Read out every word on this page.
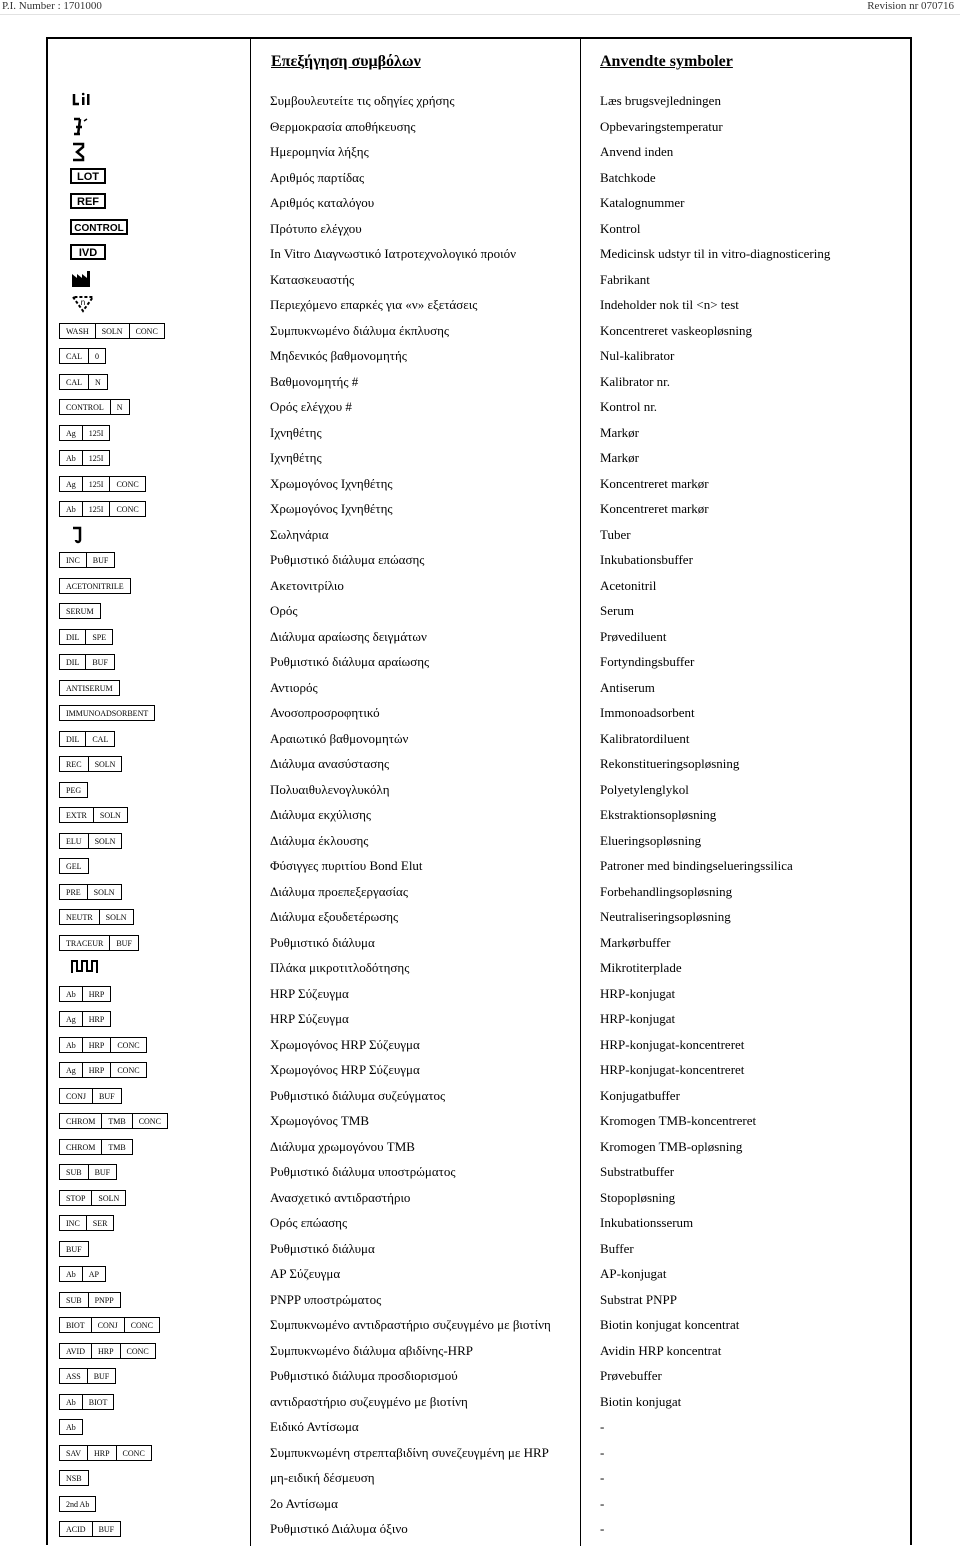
P.I. Number : 1701000	Revision nr 070716
Επεξήγηση συμβόλων	Anvendte symboler
Συμβουλευτείτε τις οδηγίες χρήσης	Læs brugsvejledningen
Θερμοκρασία αποθήκευσης	Opbevaringstemperatur
Ημερομηνία λήξης	Anvend inden
LOT	Αριθμός παρτίδας	Batchkode
REF	Αριθμός καταλόγου	Katalognummer
CONTROL	Πρότυπο ελέγχου	Kontrol
IVD	In Vitro Διαγνωστικό Ιατροτεχνολογικό προιόν	Medicinsk udstyr til in vitro-diagnosticering
Κατασκευαστής	Fabrikant
n	Περιεχόμενο επαρκές για «ν» εξετάσεις	Indeholder nok til <n> test
WASH	SOLN	CONC	Συμπυκνωμένο διάλυμα έκπλυσης	Koncentreret vaskeopløsning
CAL	0	Μηδενικός βαθμονομητής	Nul-kalibrator
CAL	N	Βαθμονομητής #	Kalibrator nr.
CONTROL	N	Ορός ελέγχου #	Kontrol nr.
Ag	125I	Ιχνηθέτης	Markør
Ab	125I	Ιχνηθέτης	Markør
Ag	125I	CONC	Χρωμογόνος Ιχνηθέτης	Koncentreret markør
Ab	125I	CONC	Χρωμογόνος Ιχνηθέτης	Koncentreret markør
Σωληνάρια	Tuber
INC	BUF	Ρυθμιστικό διάλυμα επώασης	Inkubationsbuffer
ACETONITRILE	Ακετονιτρίλιο	Acetonitril
SERUM	Ορός	Serum
DIL	SPE	Διάλυμα αραίωσης δειγμάτων	Prøvediluent
DIL	BUF	Ρυθμιστικό διάλυμα αραίωσης	Fortyndingsbuffer
ANTISERUM	Αντιορός	Antiserum
IMMUNOADSORBENT	Ανοσοπροσροφητικό	Immonoadsorbent
DIL	CAL	Αραιωτικό βαθμονομητών	Kalibratordiluent
REC	SOLN	Διάλυμα ανασύστασης	Rekonstitueringsopløsning
PEG	Πολυαιθυλενογλυκόλη	Polyetylenglykol
EXTR	SOLN	Διάλυμα εκχύλισης	Ekstraktionsopløsning
ELU	SOLN	Διάλυμα έκλουσης	Elueringsopløsning
GEL	Φύσιγγες πυριτίου Bond Elut	Patroner med bindingselueringssilica
PRE	SOLN	Διάλυμα προεπεξεργασίας	Forbehandlingsopløsning
NEUTR	SOLN	Διάλυμα εξουδετέρωσης	Neutraliseringsopløsning
TRACEUR	BUF	Ρυθμιστικό διάλυμα	Markørbuffer
Πλάκα μικροτιτλοδότησης	Mikrotiterplade
Ab	HRP	HRP Σύζευγμα	HRP-konjugat
Ag	HRP	HRP Σύζευγμα	HRP-konjugat
Ab	HRP	CONC	Χρωμογόνος HRP Σύζευγμα	HRP-konjugat-koncentreret
Ag	HRP	CONC	Χρωμογόνος HRP Σύζευγμα	HRP-konjugat-koncentreret
CONJ	BUF	Ρυθμιστικό διάλυμα συζεύγματος	Konjugatbuffer
CHROM	TMB	CONC	Χρωμογόνος TMB	Kromogen TMB-koncentreret
CHROM	TMB	Διάλυμα χρωμογόνου TMB	Kromogen TMB-opløsning
SUB	BUF	Ρυθμιστικό διάλυμα υποστρώματος	Substratbuffer
STOP	SOLN	Ανασχετικό αντιδραστήριο	Stopopløsning
INC	SER	Ορός επώασης	Inkubationsserum
BUF	Ρυθμιστικό διάλυμα	Buffer
Ab	AP	AP Σύζευγμα	AP-konjugat
SUB	PNPP	PNPP υποστρώματος	Substrat PNPP
BIOT	CONJ	CONC	Συμπυκνωμένο αντιδραστήριο συζευγμένο με βιοτίνη	Biotin konjugat koncentrat
AVID	HRP	CONC	Συμπυκνωμένο διάλυμα αβιδίνης-HRP	Avidin HRP koncentrat
ASS	BUF	Ρυθμιστικό διάλυμα προσδιορισμού	Prøvebuffer
Ab	BIOT	αντιδραστήριο συζευγμένο με βιοτίνη	Biotin konjugat
Ab	Ειδικό Αντίσωμα	-
SAV	HRP	CONC	Συμπυκνωμένη στρεπταβιδίνη συνεζευγμένη με HRP	-
NSB	μη-ειδική δέσμευση	-
2nd Ab	2ο Αντίσωμα	-
ACID	BUF	Ρυθμιστικό Διάλυμα όξινο	-
